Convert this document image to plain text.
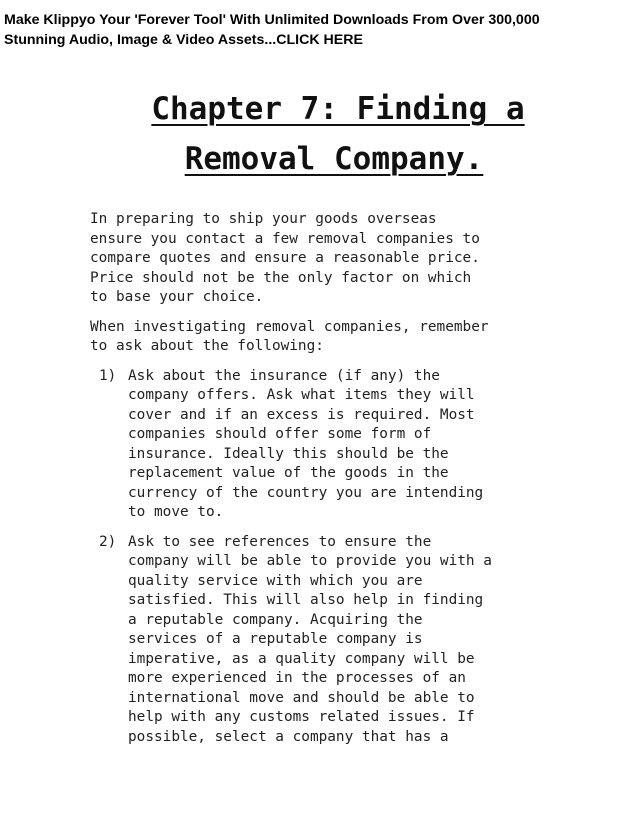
Make Klippyo Your 'Forever Tool' With Unlimited Downloads From Over 300,000
Stunning Audio, Image & Video Assets...CLICK HERE
Chapter 7: Finding a
Removal Company.
In preparing to ship your goods overseas
ensure you contact a few removal companies to
compare quotes and ensure a reasonable price.
Price should not be the only factor on which
to base your choice.
When investigating removal companies, remember
to ask about the following:
1) Ask about the insurance (if any) the
company offers. Ask what items they will
cover and if an excess is required. Most
companies should offer some form of
insurance. Ideally this should be the
replacement value of the goods in the
currency of the country you are intending
to move to.
2) Ask to see references to ensure the
company will be able to provide you with a
quality service with which you are
satisfied. This will also help in finding
a reputable company. Acquiring the
services of a reputable company is
imperative, as a quality company will be
more experienced in the processes of an
international move and should be able to
help with any customs related issues. If
possible, select a company that has a
